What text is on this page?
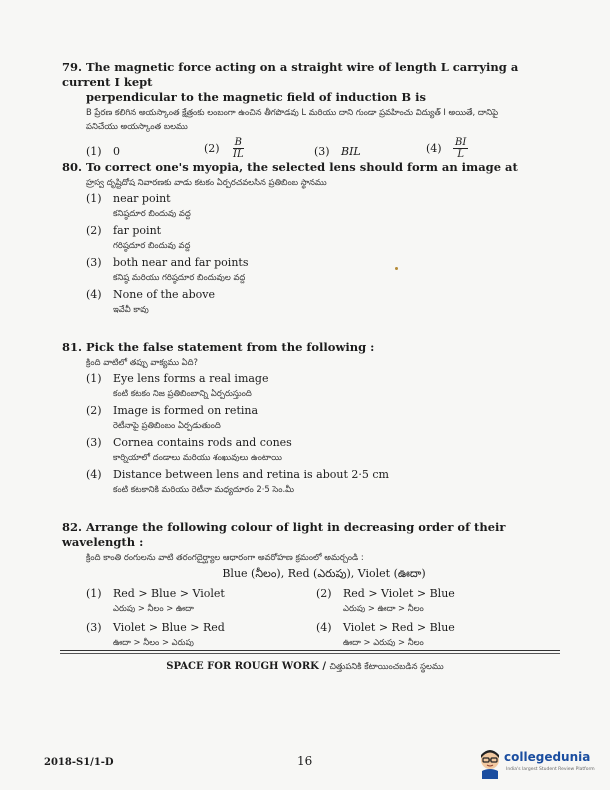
79. The magnetic force acting on a straight wire of length L carrying a current I kept
perpendicular to the magnetic field of induction B is
B ప్రేరణ కలిగిన అయస్కాంత క్షేత్రంకు లంబంగా ఉంచిన తీగపొడవు L మరియు దాని గుండా ప్రవహించు విద్యుత్ I అయితే, దానిపై
పనిచేయు అయస్కాంత బలము
(1) 0	$(2) \frac{B}{IL}$	(3) BIL	$(4) \frac{BI}{L}$
80. To correct one's myopia, the selected lens should form an image at
హ్రస్వ దృష్టిదోష నివారణకు వాడు కటకం ఏర్పరచవలసిన ప్రతిబింబ స్థానము
(1) near point
కనిష్ఠదూర బిందువు వద్ద
(2) far point
గరిష్ఠదూర బిందువు వద్ద
(3) both near and far points
కనిష్ఠ మరియు గరిష్ఠదూర బిందువుల వద్ద
(4) None of the above
ఇవేవీ కావు
81. Pick the false statement from the following :
క్రింది వాటిలో తప్పు వాక్యము ఏది?
(1) Eye lens forms a real image
కంటి కటకం నిజ ప్రతిబింబాన్ని ఏర్పరుస్తుంది
(2) Image is formed on retina
రెటీనాపై ప్రతిబింబం ఏర్పడుతుంది
(3) Cornea contains rods and cones
కార్నియాలో దండాలు మరియు శంఖువులు ఉంటాయి
(4) Distance between lens and retina is about 2·5 cm
కంటి కటకానికి మరియు రెటీనా మధ్యదూరం 2·5 సెం.మీ
82. Arrange the following colour of light in decreasing order of their wavelength :
క్రింది కాంతి రంగులను వాటి తరంగదైర్ఘ్యాల ఆధారంగా అవరోహణ క్రమంలో అమర్చండి :
Blue (నీలం), Red (ఎరుపు), Violet (ఊదా)
(1) Red > Blue > Violet
ఎరుపు > నీలం > ఊదా
(2) Red > Violet > Blue
ఎరుపు > ఊదా > నీలం
(3) Violet > Blue > Red
ఊదా > నీలం > ఎరుపు
(4) Violet > Red > Blue
ఊదా > ఎరుపు > నీలం
SPACE FOR ROUGH WORK / చిత్తుపనికి కేటాయించబడిన స్థలము
2018-S1/1-D	16	collegedunia
India's largest Student Review Platform
